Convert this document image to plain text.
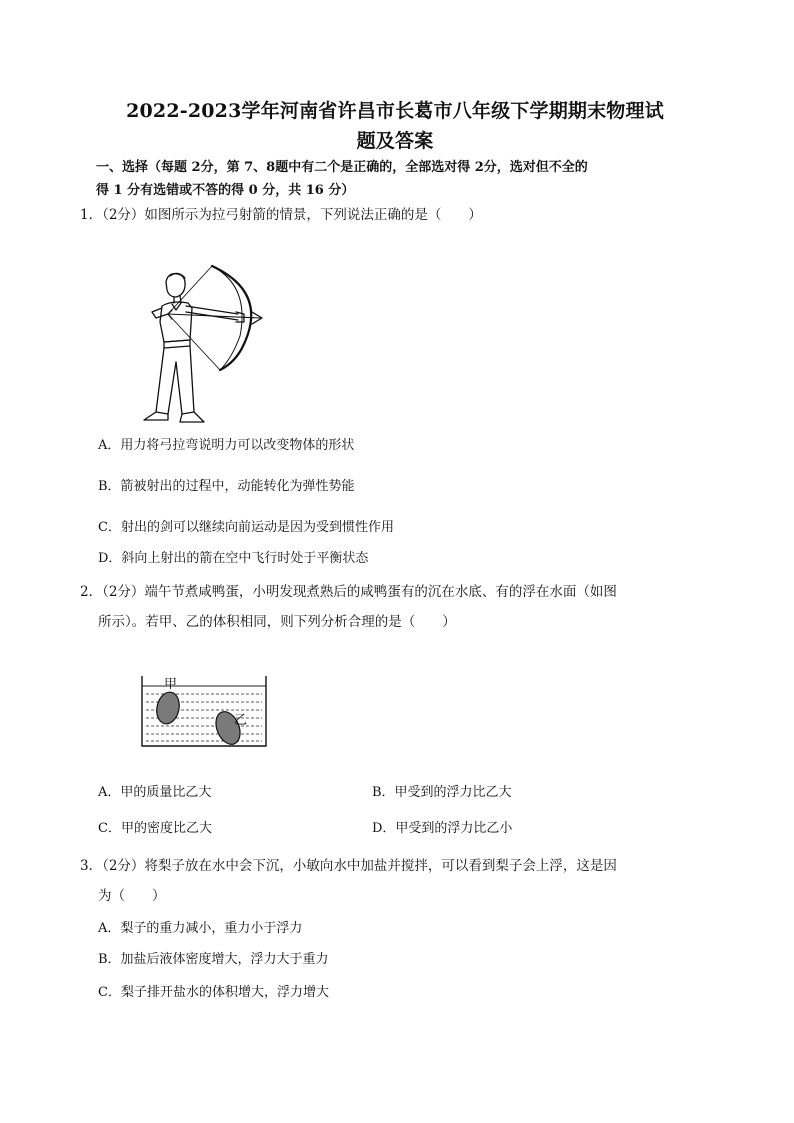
2022-2023学年河南省许昌市长葛市八年级下学期期末物理试
题及答案
一、选择（每题 2分，第 7、8题中有二个是正确的，全部选对得 2分，选对但不全的
得 1 分有选错或不答的得 0 分，共 16 分）
1．（2分）如图所示为拉弓射箭的情景，下列说法正确的是（　　）
A．用力将弓拉弯说明力可以改变物体的形状
B．箭被射出的过程中，动能转化为弹性势能
C．射出的剑可以继续向前运动是因为受到惯性作用
D．斜向上射出的箭在空中飞行时处于平衡状态
2．（2分）端午节煮咸鸭蛋，小明发现煮熟后的咸鸭蛋有的沉在水底、有的浮在水面（如图
所示）。若甲、乙的体积相同，则下列分析合理的是（　　）
甲
乙
A．甲的质量比乙大	B．甲受到的浮力比乙大
C．甲的密度比乙大	D．甲受到的浮力比乙小
3．（2分）将梨子放在水中会下沉，小敏向水中加盐并搅拌，可以看到梨子会上浮，这是因
为（　　）
A．梨子的重力减小，重力小于浮力
B．加盐后液体密度增大，浮力大于重力
C．梨子排开盐水的体积增大，浮力增大
